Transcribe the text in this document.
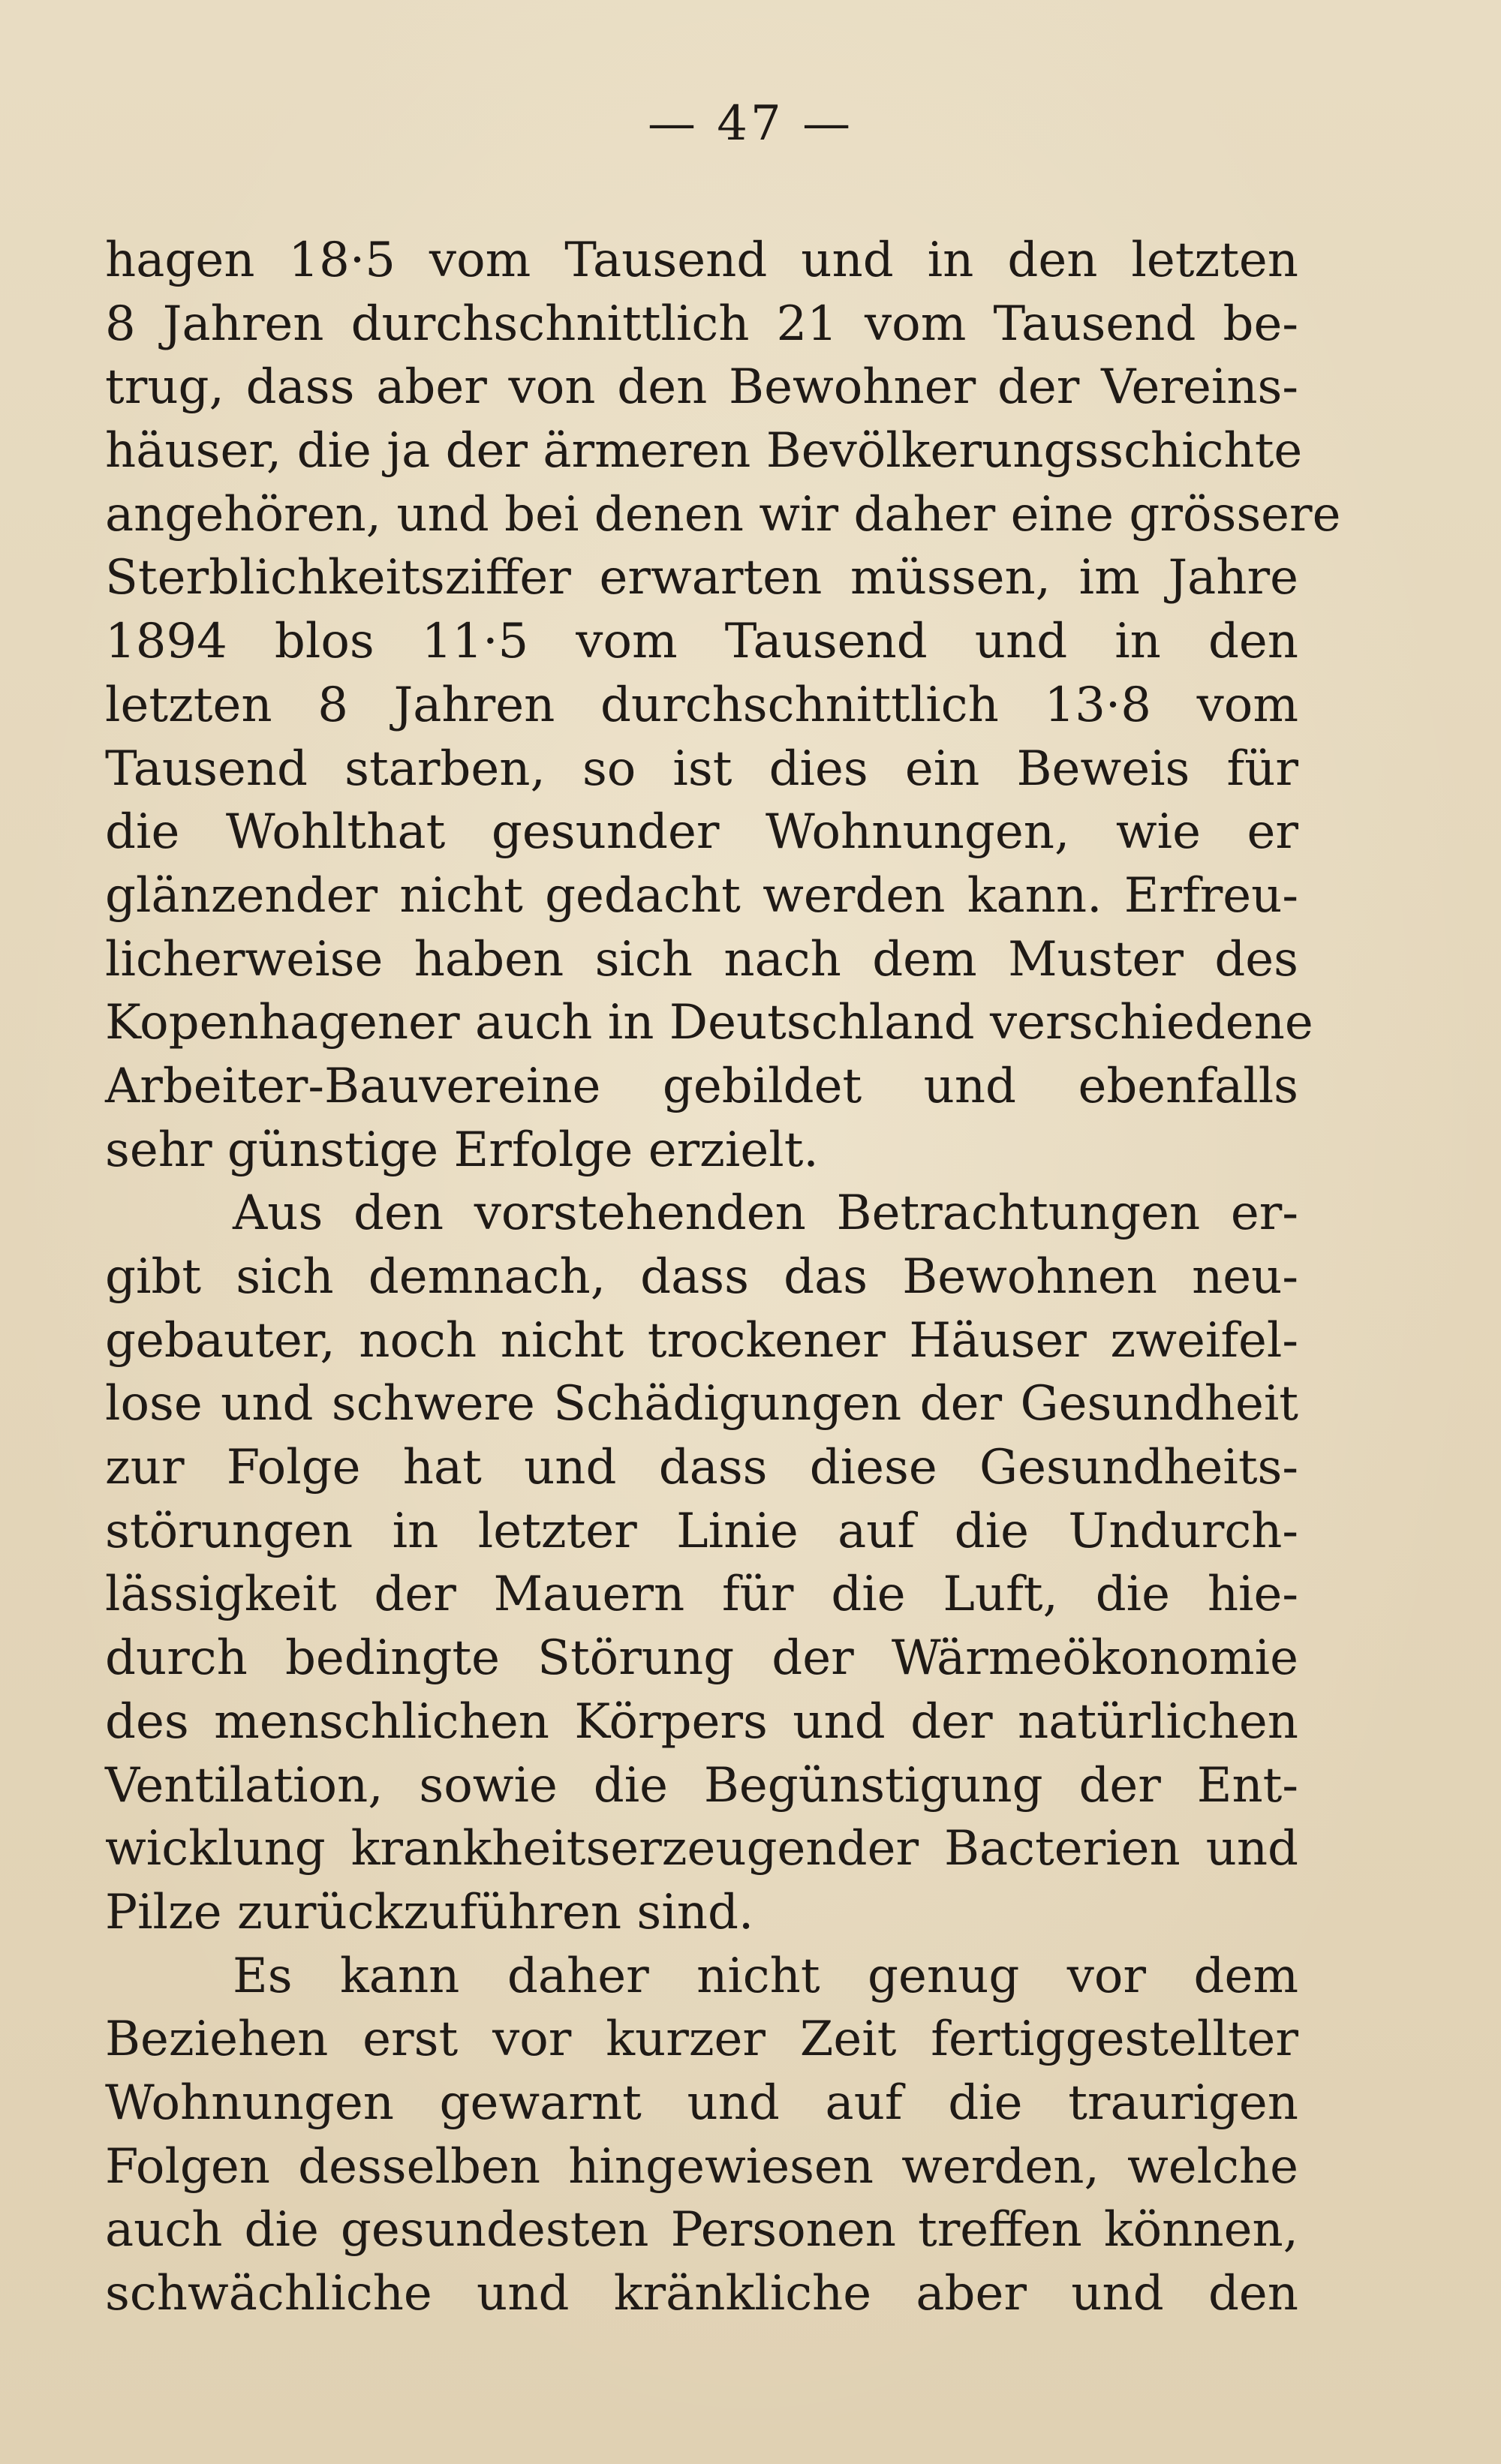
— 47 —
hagen 18·5 vom Tausend und in den letzten
8 Jahren durchschnittlich 21 vom Tausend be-
trug, dass aber von den Bewohner der Vereins-
häuser, die ja der ärmeren Bevölkerungsschichte
angehören, und bei denen wir daher eine grössere
Sterblichkeitsziffer erwarten müssen, im Jahre
1894 blos 11·5 vom Tausend und in den
letzten 8 Jahren durchschnittlich 13·8 vom
Tausend starben, so ist dies ein Beweis für
die Wohlthat gesunder Wohnungen, wie er
glänzender nicht gedacht werden kann. Erfreu-
licherweise haben sich nach dem Muster des
Kopenhagener auch in Deutschland verschiedene
Arbeiter-Bauvereine gebildet und ebenfalls
sehr günstige Erfolge erzielt.
Aus den vorstehenden Betrachtungen er-
gibt sich demnach, dass das Bewohnen neu-
gebauter, noch nicht trockener Häuser zweifel-
lose und schwere Schädigungen der Gesundheit
zur Folge hat und dass diese Gesundheits-
störungen in letzter Linie auf die Undurch-
lässigkeit der Mauern für die Luft, die hie-
durch bedingte Störung der Wärmeökonomie
des menschlichen Körpers und der natürlichen
Ventilation, sowie die Begünstigung der Ent-
wicklung krankheitserzeugender Bacterien und
Pilze zurückzuführen sind.
Es kann daher nicht genug vor dem
Beziehen erst vor kurzer Zeit fertiggestellter
Wohnungen gewarnt und auf die traurigen
Folgen desselben hingewiesen werden, welche
auch die gesundesten Personen treffen können,
schwächliche und kränkliche aber und den
